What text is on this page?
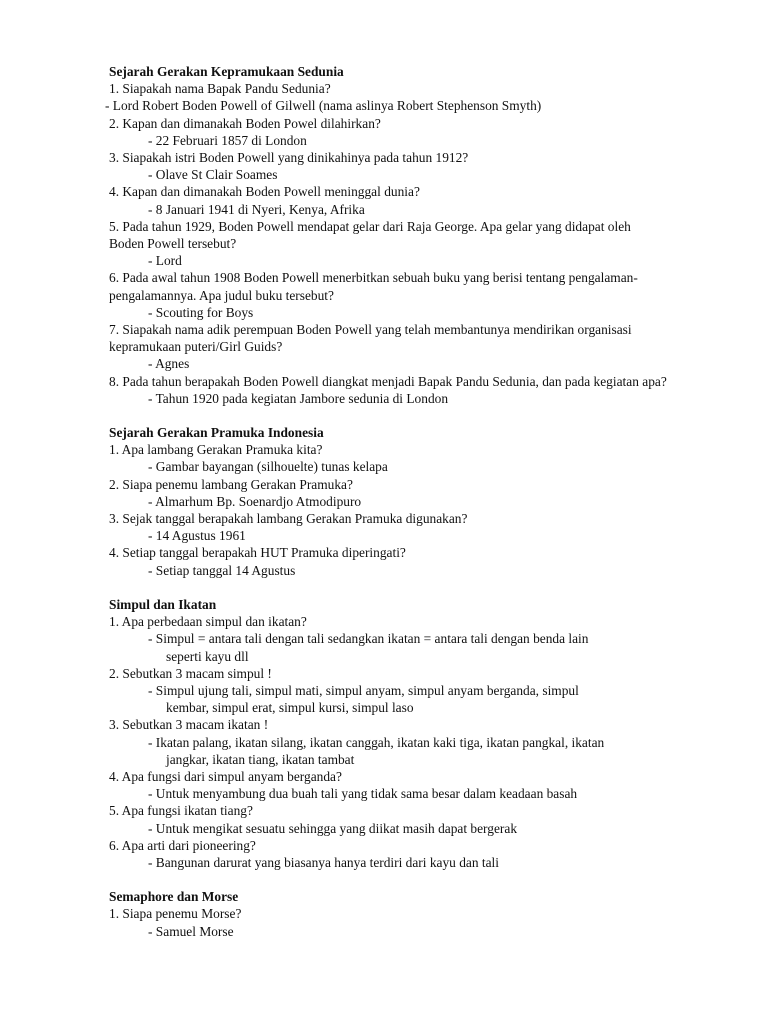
Sejarah Gerakan Kepramukaan Sedunia
1. Siapakah nama Bapak Pandu Sedunia?
- Lord Robert Boden Powell of Gilwell (nama aslinya Robert Stephenson Smyth)
2. Kapan dan dimanakah Boden Powel dilahirkan?
- 22 Februari 1857 di London
3. Siapakah istri Boden Powell yang dinikahinya pada tahun 1912?
- Olave St Clair Soames
4. Kapan dan dimanakah Boden Powell meninggal dunia?
- 8 Januari 1941 di Nyeri, Kenya, Afrika
5. Pada tahun 1929, Boden Powell mendapat gelar dari Raja George. Apa gelar yang didapat oleh Boden Powell tersebut?
- Lord
6. Pada awal tahun 1908 Boden Powell menerbitkan sebuah buku yang berisi tentang pengalaman-pengalamannya. Apa judul buku tersebut?
- Scouting for Boys
7. Siapakah nama adik perempuan Boden Powell yang telah membantunya mendirikan organisasi kepramukaan puteri/Girl Guids?
- Agnes
8. Pada tahun berapakah Boden Powell diangkat menjadi Bapak Pandu Sedunia, dan pada kegiatan apa?
- Tahun 1920 pada kegiatan Jambore sedunia di London
Sejarah Gerakan Pramuka Indonesia
1. Apa lambang Gerakan Pramuka kita?
- Gambar bayangan (silhouelte) tunas kelapa
2. Siapa penemu lambang Gerakan Pramuka?
- Almarhum Bp. Soenardjo Atmodipuro
3. Sejak tanggal berapakah lambang Gerakan Pramuka digunakan?
- 14 Agustus 1961
4. Setiap tanggal berapakah HUT Pramuka diperingati?
- Setiap tanggal 14 Agustus
Simpul dan Ikatan
1. Apa perbedaan simpul dan ikatan?
- Simpul = antara tali dengan tali sedangkan ikatan = antara tali dengan benda lain
seperti kayu dll
2. Sebutkan 3 macam simpul !
- Simpul ujung tali, simpul mati, simpul anyam, simpul anyam berganda, simpul
kembar, simpul erat, simpul kursi, simpul laso
3. Sebutkan 3 macam ikatan !
- Ikatan palang, ikatan silang, ikatan canggah, ikatan kaki tiga, ikatan pangkal, ikatan
jangkar, ikatan tiang, ikatan tambat
4. Apa fungsi dari simpul anyam berganda?
- Untuk menyambung dua buah tali yang tidak sama besar dalam keadaan basah
5. Apa fungsi ikatan tiang?
- Untuk mengikat sesuatu sehingga yang diikat masih dapat bergerak
6. Apa arti dari pioneering?
- Bangunan darurat yang biasanya hanya terdiri dari kayu dan tali
Semaphore dan Morse
1. Siapa penemu Morse?
- Samuel Morse
